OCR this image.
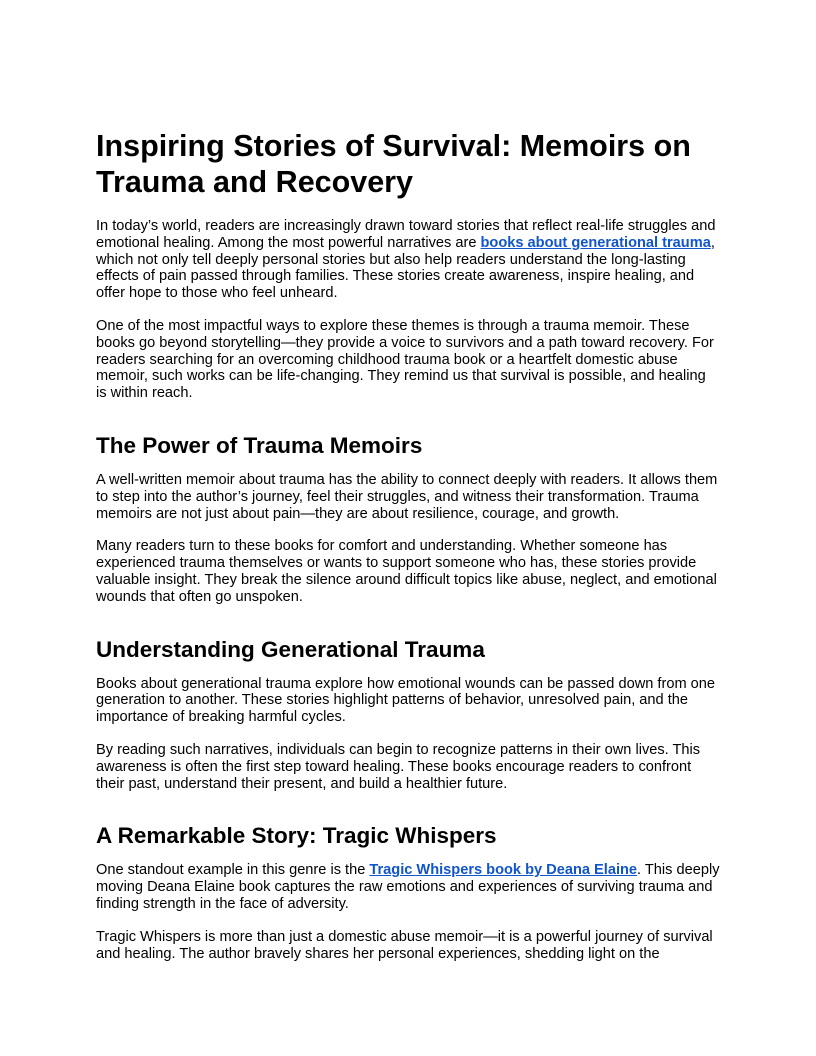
Inspiring Stories of Survival: Memoirs on Trauma and Recovery

In today’s world, readers are increasingly drawn toward stories that reflect real-life struggles and emotional healing. Among the most powerful narratives are books about generational trauma, which not only tell deeply personal stories but also help readers understand the long-lasting effects of pain passed through families. These stories create awareness, inspire healing, and offer hope to those who feel unheard.

One of the most impactful ways to explore these themes is through a trauma memoir. These books go beyond storytelling—they provide a voice to survivors and a path toward recovery. For readers searching for an overcoming childhood trauma book or a heartfelt domestic abuse memoir, such works can be life-changing. They remind us that survival is possible, and healing is within reach.

The Power of Trauma Memoirs

A well-written memoir about trauma has the ability to connect deeply with readers. It allows them to step into the author’s journey, feel their struggles, and witness their transformation. Trauma memoirs are not just about pain—they are about resilience, courage, and growth.

Many readers turn to these books for comfort and understanding. Whether someone has experienced trauma themselves or wants to support someone who has, these stories provide valuable insight. They break the silence around difficult topics like abuse, neglect, and emotional wounds that often go unspoken.

Understanding Generational Trauma

Books about generational trauma explore how emotional wounds can be passed down from one generation to another. These stories highlight patterns of behavior, unresolved pain, and the importance of breaking harmful cycles.

By reading such narratives, individuals can begin to recognize patterns in their own lives. This awareness is often the first step toward healing. These books encourage readers to confront their past, understand their present, and build a healthier future.

A Remarkable Story: Tragic Whispers

One standout example in this genre is the Tragic Whispers book by Deana Elaine. This deeply moving Deana Elaine book captures the raw emotions and experiences of surviving trauma and finding strength in the face of adversity.

Tragic Whispers is more than just a domestic abuse memoir—it is a powerful journey of survival and healing. The author bravely shares her personal experiences, shedding light on the
